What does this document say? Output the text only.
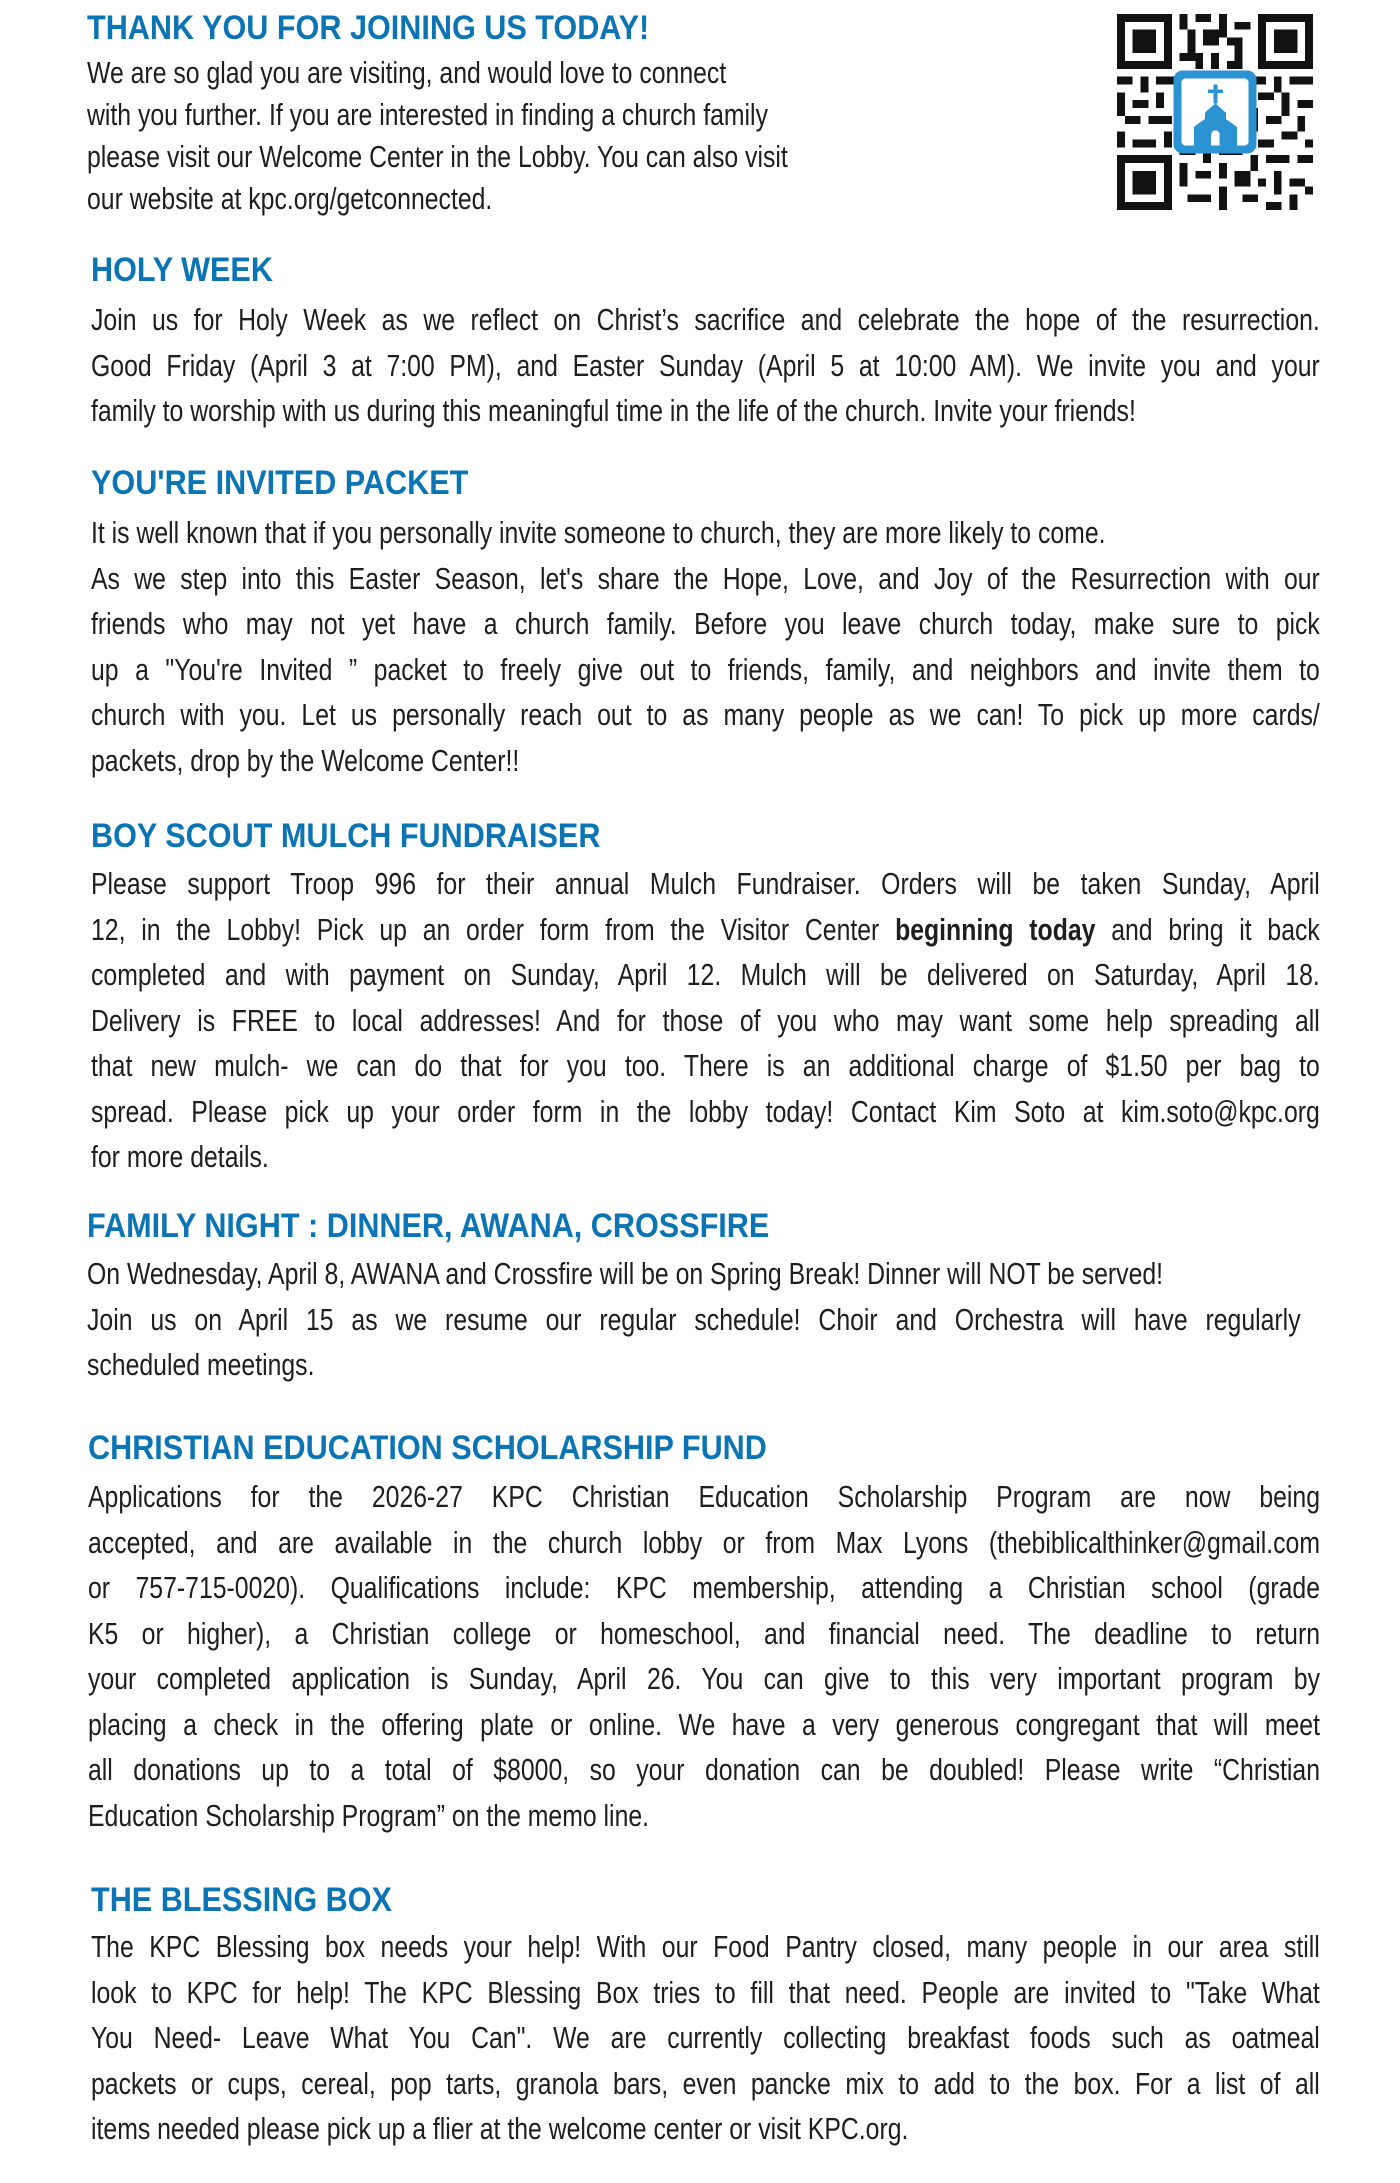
THANK YOU FOR JOINING US TODAY!
We are so glad you are visiting, and would love to connect
with you further. If you are interested in finding a church family
please visit our Welcome Center in the Lobby. You can also visit
our website at kpc.org/getconnected.
HOLY WEEK
Join us for Holy Week as we reflect on Christ’s sacrifice and celebrate the hope of the resurrection.
Good Friday (April 3 at 7:00 PM), and Easter Sunday (April 5 at 10:00 AM). We invite you and your
family to worship with us during this meaningful time in the life of the church. Invite your friends!
YOU'RE INVITED PACKET
It is well known that if you personally invite someone to church, they are more likely to come.
As we step into this Easter Season, let's share the Hope, Love, and Joy of the Resurrection with our
friends who may not yet have a church family. Before you leave church today, make sure to pick
up a "You're Invited ” packet to freely give out to friends, family, and neighbors and invite them to
church with you. Let us personally reach out to as many people as we can! To pick up more cards/
packets, drop by the Welcome Center!!
BOY SCOUT MULCH FUNDRAISER
Please support Troop 996 for their annual Mulch Fundraiser. Orders will be taken Sunday, April
12, in the Lobby! Pick up an order form from the Visitor Center beginning today and bring it back
completed and with payment on Sunday, April 12. Mulch will be delivered on Saturday, April 18.
Delivery is FREE to local addresses! And for those of you who may want some help spreading all
that new mulch- we can do that for you too. There is an additional charge of $1.50 per bag to
spread. Please pick up your order form in the lobby today! Contact Kim Soto at kim.soto@kpc.org
for more details.
FAMILY NIGHT : DINNER, AWANA, CROSSFIRE
On Wednesday, April 8, AWANA and Crossfire will be on Spring Break! Dinner will NOT be served!
Join us on April 15 as we resume our regular schedule! Choir and Orchestra will have regularly
scheduled meetings.
CHRISTIAN EDUCATION SCHOLARSHIP FUND
Applications for the 2026-27 KPC Christian Education Scholarship Program are now being
accepted, and are available in the church lobby or from Max Lyons (thebiblicalthinker@gmail.com
or 757-715-0020). Qualifications include: KPC membership, attending a Christian school (grade
K5 or higher), a Christian college or homeschool, and financial need. The deadline to return
your completed application is Sunday, April 26. You can give to this very important program by
placing a check in the offering plate or online. We have a very generous congregant that will meet
all donations up to a total of $8000, so your donation can be doubled! Please write “Christian
Education Scholarship Program” on the memo line.
THE BLESSING BOX
The KPC Blessing box needs your help! With our Food Pantry closed, many people in our area still
look to KPC for help! The KPC Blessing Box tries to fill that need. People are invited to "Take What
You Need- Leave What You Can". We are currently collecting breakfast foods such as oatmeal
packets or cups, cereal, pop tarts, granola bars, even pancke mix to add to the box. For a list of all
items needed please pick up a flier at the welcome center or visit KPC.org.
